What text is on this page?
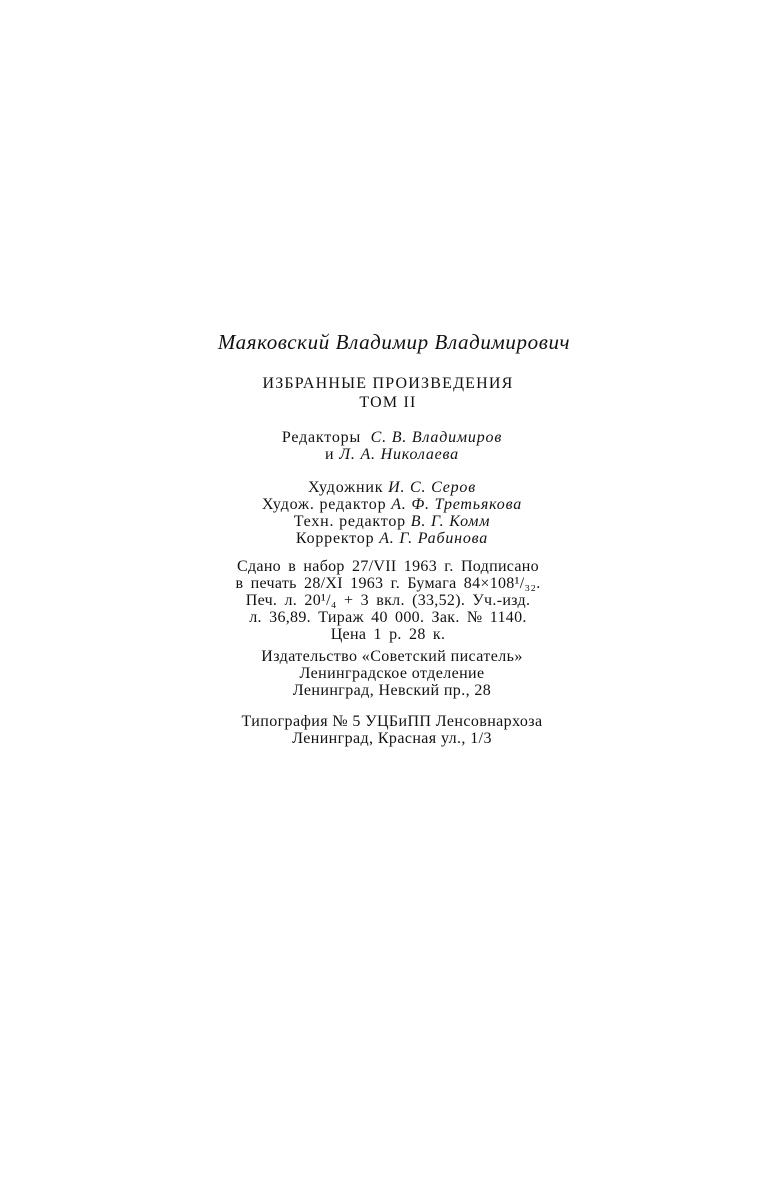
Маяковский Владимир Владимирович
ИЗБРАННЫЕ ПРОИЗВЕДЕНИЯ
ТОМ II
Редакторы С. В. Владимиров
и Л. А. Николаева
Художник И. С. Серов
Худож. редактор А. Ф. Третьякова
Техн. редактор В. Г. Комм
Корректор А. Г. Рабинова
Сдано в набор 27/VII 1963 г. Подписано
в печать 28/XI 1963 г. Бумага 84×108¹/₃₂.
Печ. л. 20¹/₄ + 3 вкл. (33,52). Уч.-изд.
л. 36,89. Тираж 40 000. Зак. № 1140.
Цена 1 р. 28 к.
Издательство «Советский писатель»
Ленинградское отделение
Ленинград, Невский пр., 28
Типография № 5 УЦБиПП Ленсовнархоза
Ленинград, Красная ул., 1/3
